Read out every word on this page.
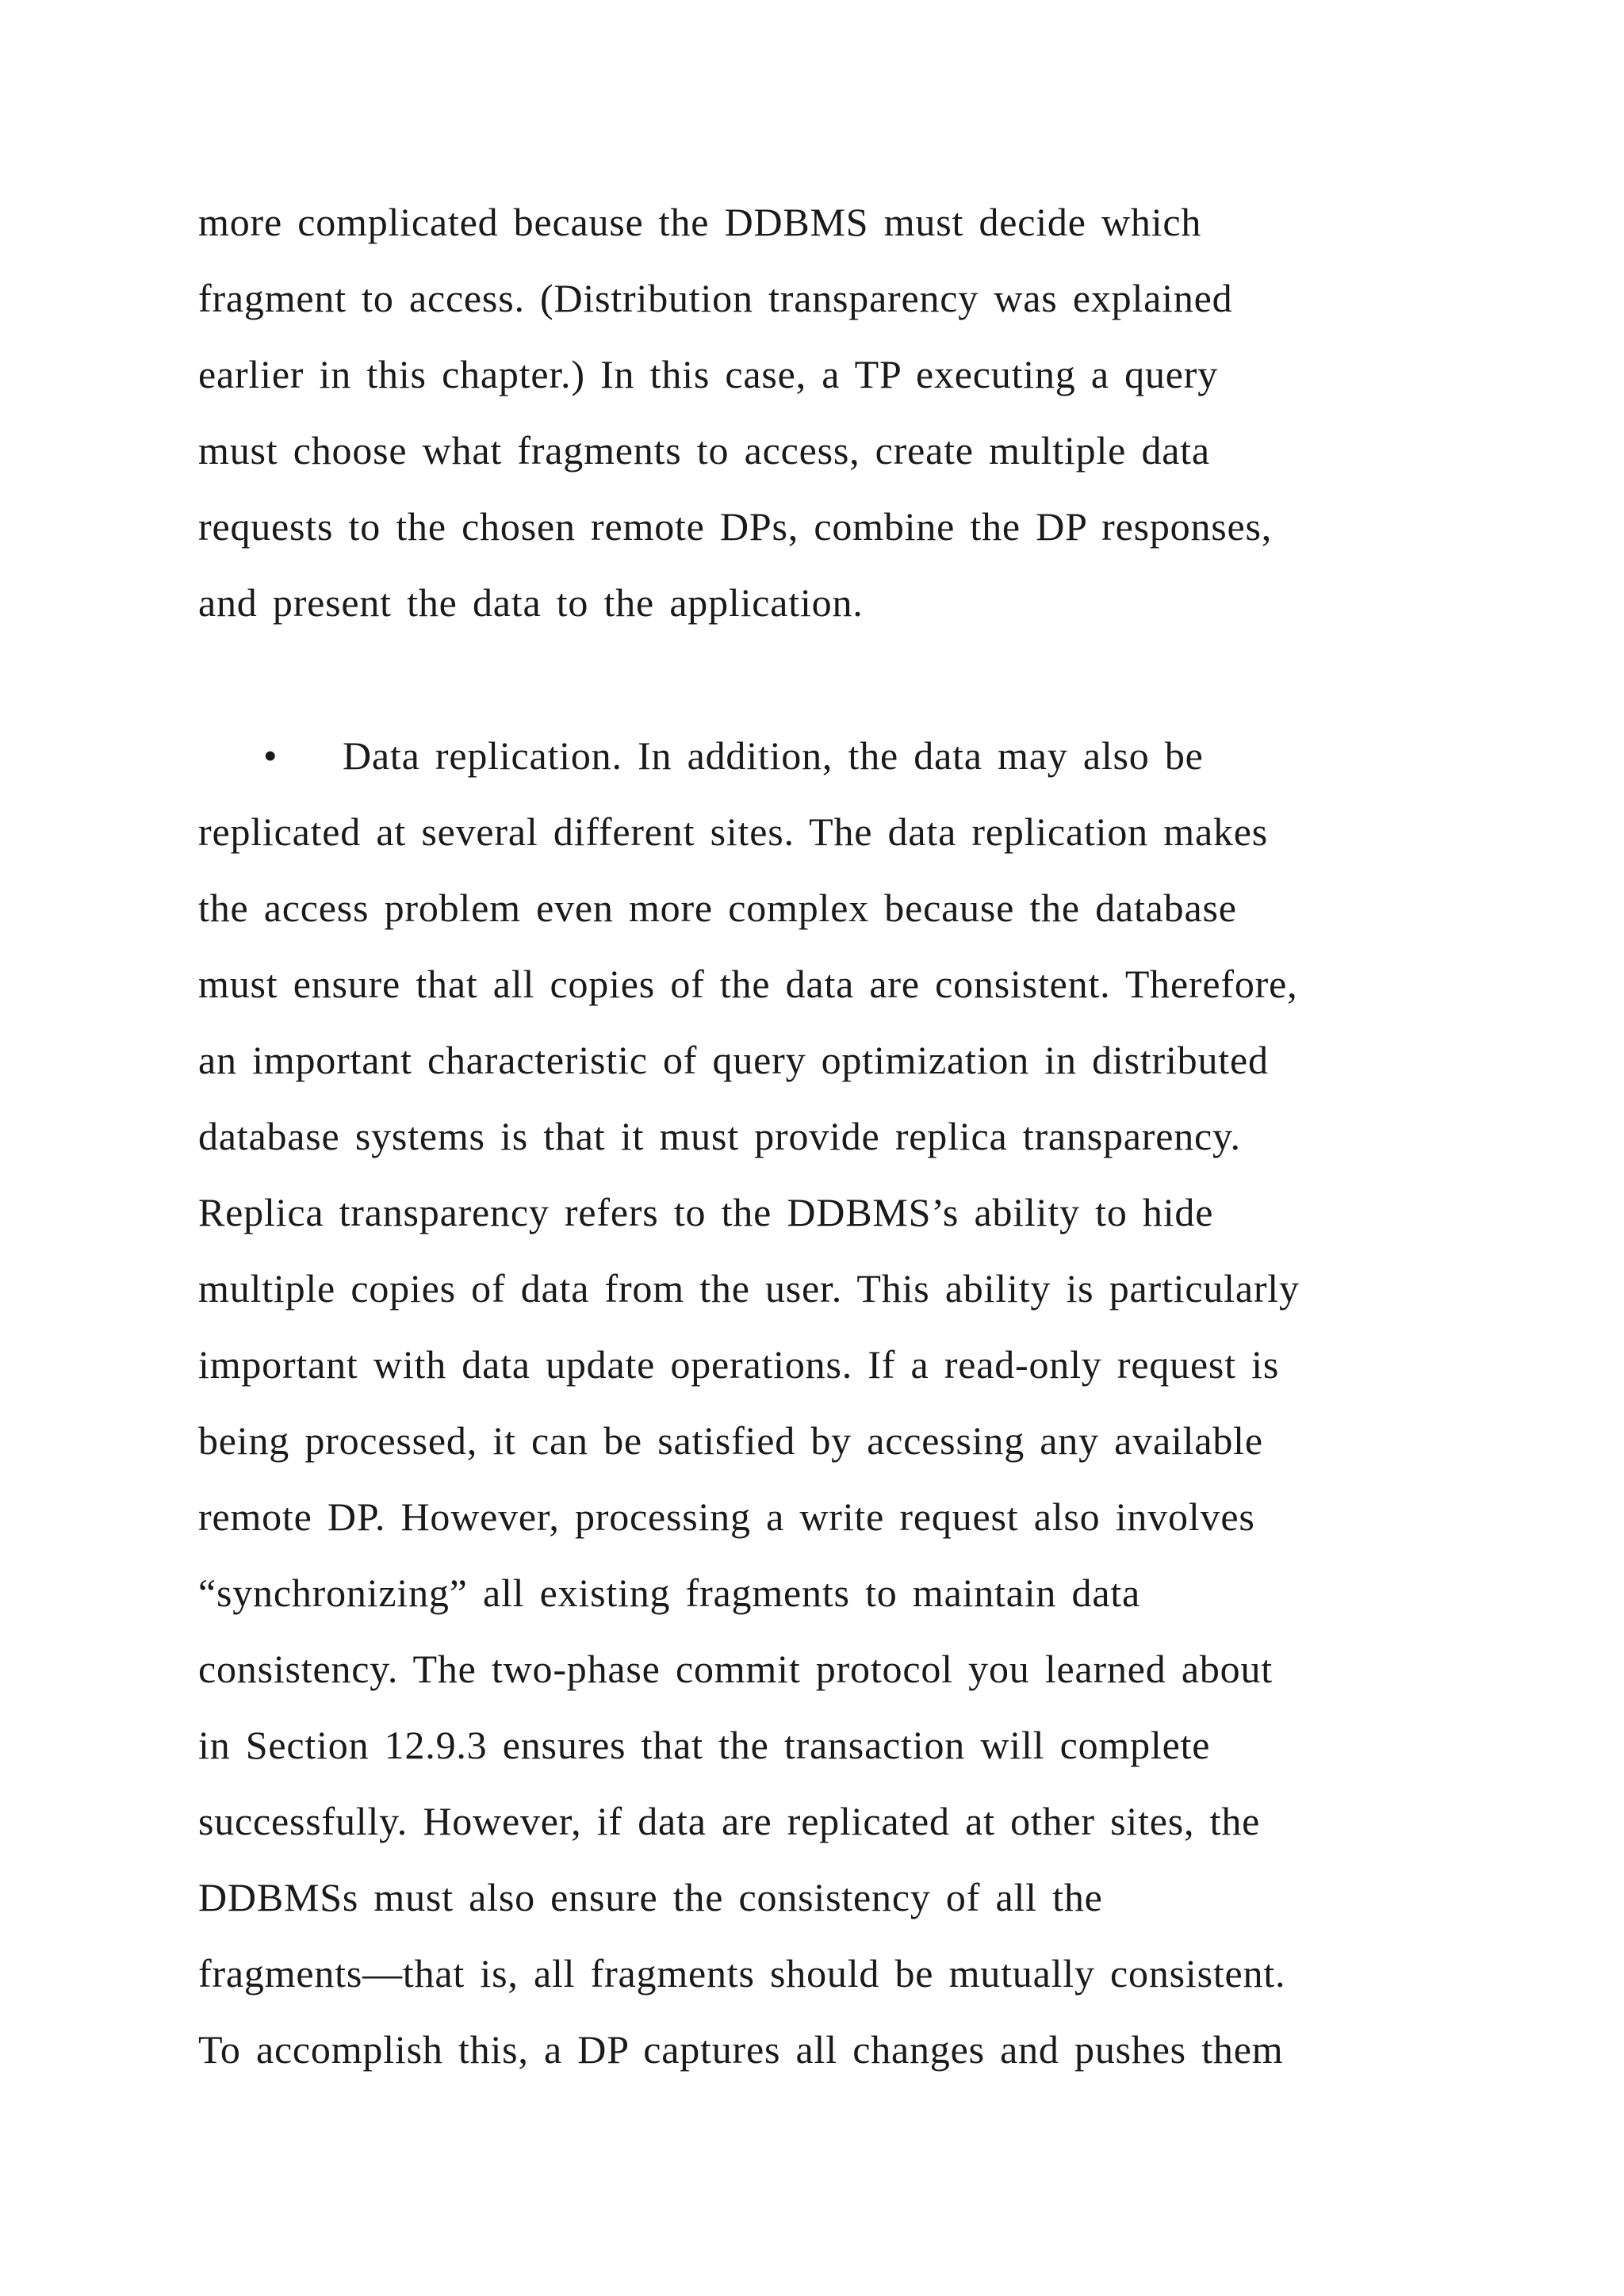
more complicated because the DDBMS must decide which
fragment to access. (Distribution transparency was explained
earlier in this chapter.) In this case, a TP executing a query
must choose what fragments to access, create multiple data
requests to the chosen remote DPs, combine the DP responses,
and present the data to the application.
• Data replication. In addition, the data may also be
replicated at several different sites. The data replication makes
the access problem even more complex because the database
must ensure that all copies of the data are consistent. Therefore,
an important characteristic of query optimization in distributed
database systems is that it must provide replica transparency.
Replica transparency refers to the DDBMS’s ability to hide
multiple copies of data from the user. This ability is particularly
important with data update operations. If a read-only request is
being processed, it can be satisfied by accessing any available
remote DP. However, processing a write request also involves
“synchronizing” all existing fragments to maintain data
consistency. The two-phase commit protocol you learned about
in Section 12.9.3 ensures that the transaction will complete
successfully. However, if data are replicated at other sites, the
DDBMSs must also ensure the consistency of all the
fragments—that is, all fragments should be mutually consistent.
To accomplish this, a DP captures all changes and pushes them
